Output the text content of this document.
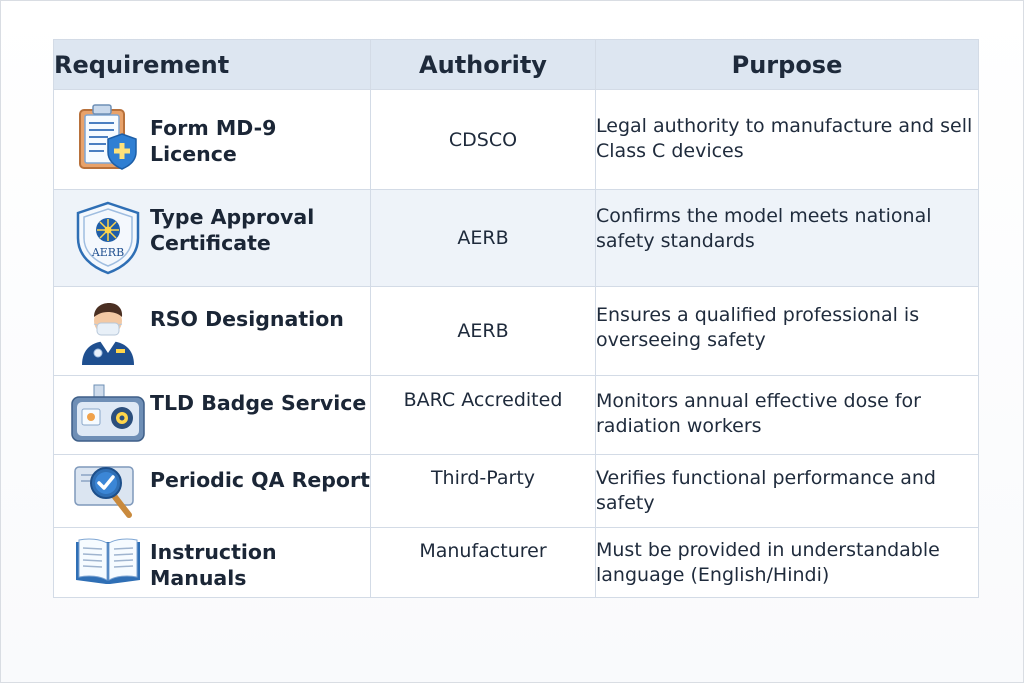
Requirement	Authority	Purpose

Form MD-9 Licence	CDSCO	Legal authority to manufacture and sell Class C devices

AERB
Type Approval Certificate	AERB	Confirms the model meets national safety standards

RSO Designation	AERB	Ensures a qualified professional is overseeing safety

TLD Badge Service	BARC Accredited	Monitors annual effective dose for radiation workers

Periodic QA Report	Third-Party	Verifies functional performance and safety

Instruction Manuals	Manufacturer	Must be provided in understandable language (English/Hindi)
